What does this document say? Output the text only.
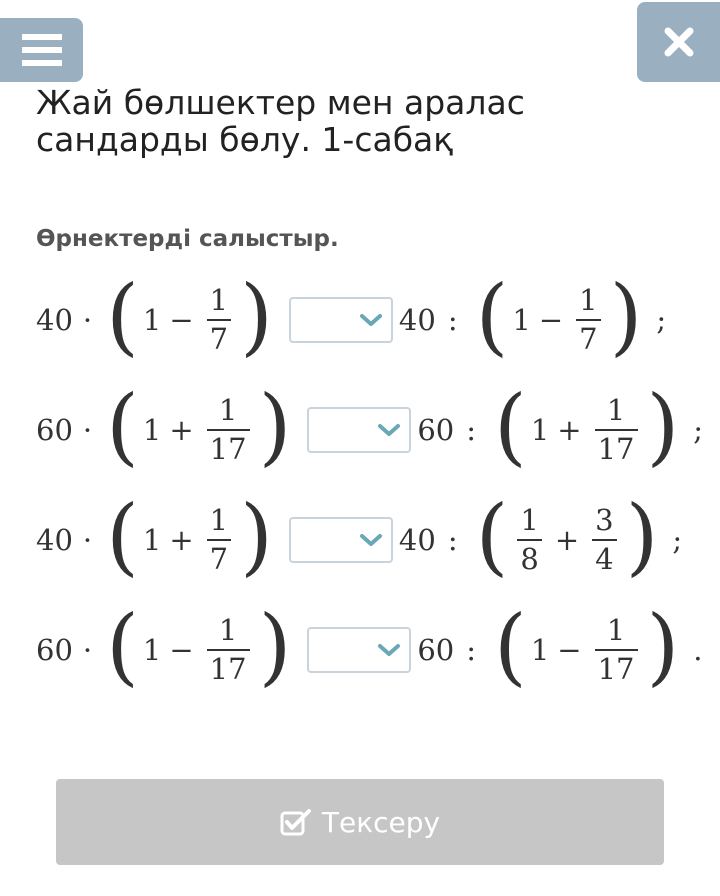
Жай бөлшектер мен аралас сандарды бөлу. 1-сабақ
Өрнектерді салыстыр.
40 · ( $1 - \frac{1}{7}$ )	40 : ( $1 - \frac{1}{7}$ ) ;
60 · ( $1 + \frac{1}{17}$ )	60 : ( $1 + \frac{1}{17}$ ) ;
40 · ( $1 + \frac{1}{7}$ )	40 : ( $\frac{1}{8} + \frac{3}{4}$ ) ;
60 · ( $1 - \frac{1}{17}$ )	60 : ( $1 - \frac{1}{17}$ ) .
Тексеру
